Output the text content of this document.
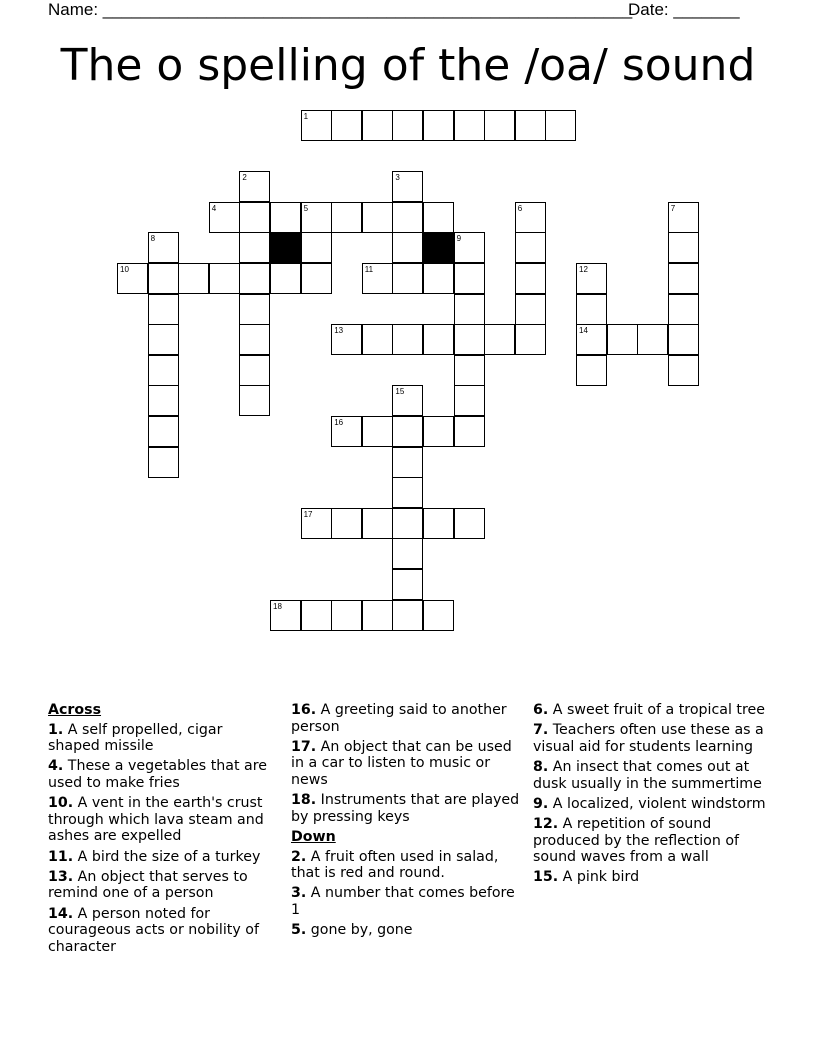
Name: ________________________________________________________
Date: _______
The o spelling of the /oa/ sound
1
4	5
10	11
13	14
16
17
18
2	3
6	7
8	9
12
15
Across
1. A self propelled, cigar shaped missile
4. These a vegetables that are used to make fries
10. A vent in the earth's crust through which lava steam and ashes are expelled
11. A bird the size of a turkey
13. An object that serves to remind one of a person
14. A person noted for courageous acts or nobility of character
16. A greeting said to another person
17. An object that can be used in a car to listen to music or news
18. Instruments that are played by pressing keys
Down
2. A fruit often used in salad, that is red and round.
3. A number that comes before 1
5. gone by, gone
6. A sweet fruit of a tropical tree
7. Teachers often use these as a visual aid for students learning
8. An insect that comes out at dusk usually in the summertime
9. A localized, violent windstorm
12. A repetition of sound produced by the reflection of sound waves from a wall
15. A pink bird
